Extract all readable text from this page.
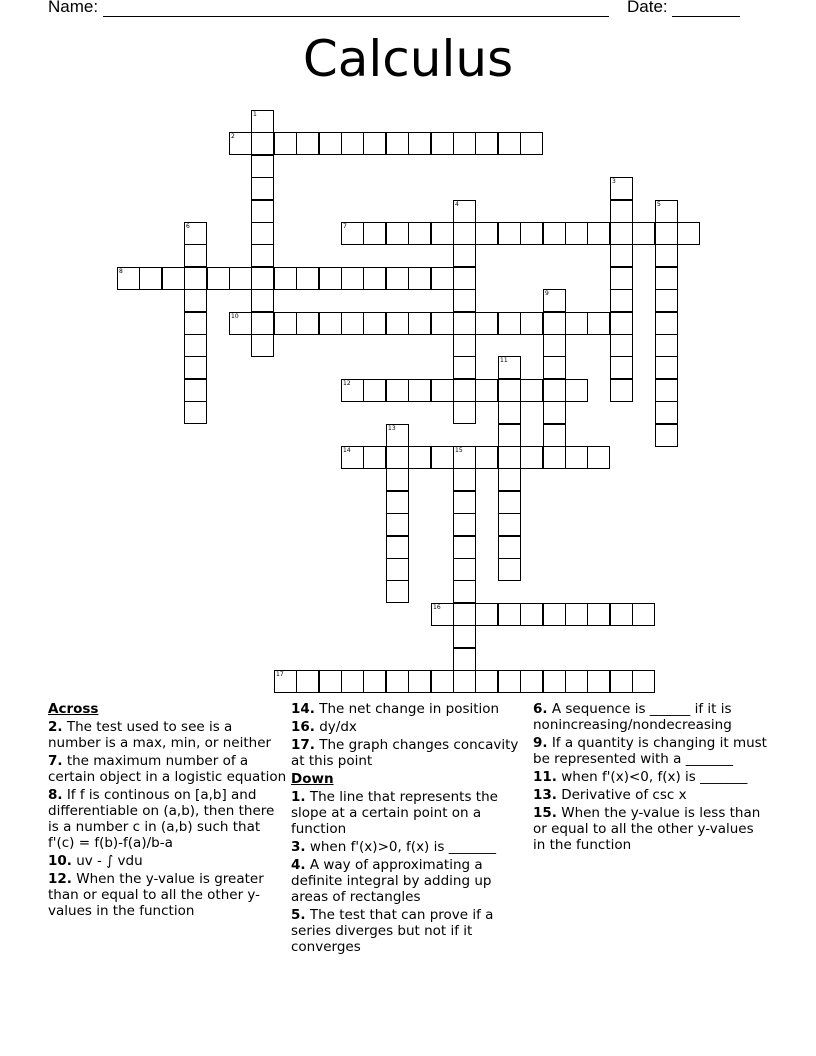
Name:	Date:
Calculus
2
7
8
10
12
14	15
16
17
1
3
4	5
6
9
11
13
Across
2. The test used to see is a number is a max, min, or neither
7. the maximum number of a certain object in a logistic equation
8. If f is continous on [a,b] and differentiable on (a,b), then there is a number c in (a,b) such that f'(c) = f(b)-f(a)/b-a
10. uv - ∫ vdu
12. When the y-value is greater than or equal to all the other y-values in the function
14. The net change in position
16. dy/dx
17. The graph changes concavity at this point
Down
1. The line that represents the slope at a certain point on a function
3. when f'(x)>0, f(x) is _______
4. A way of approximating a definite integral by adding up areas of rectangles
5. The test that can prove if a series diverges but not if it converges
6. A sequence is ______ if it is nonincreasing/nondecreasing
9. If a quantity is changing it must be represented with a _______
11. when f'(x)<0, f(x) is _______
13. Derivative of csc x
15. When the y-value is less than or equal to all the other y-values in the function
